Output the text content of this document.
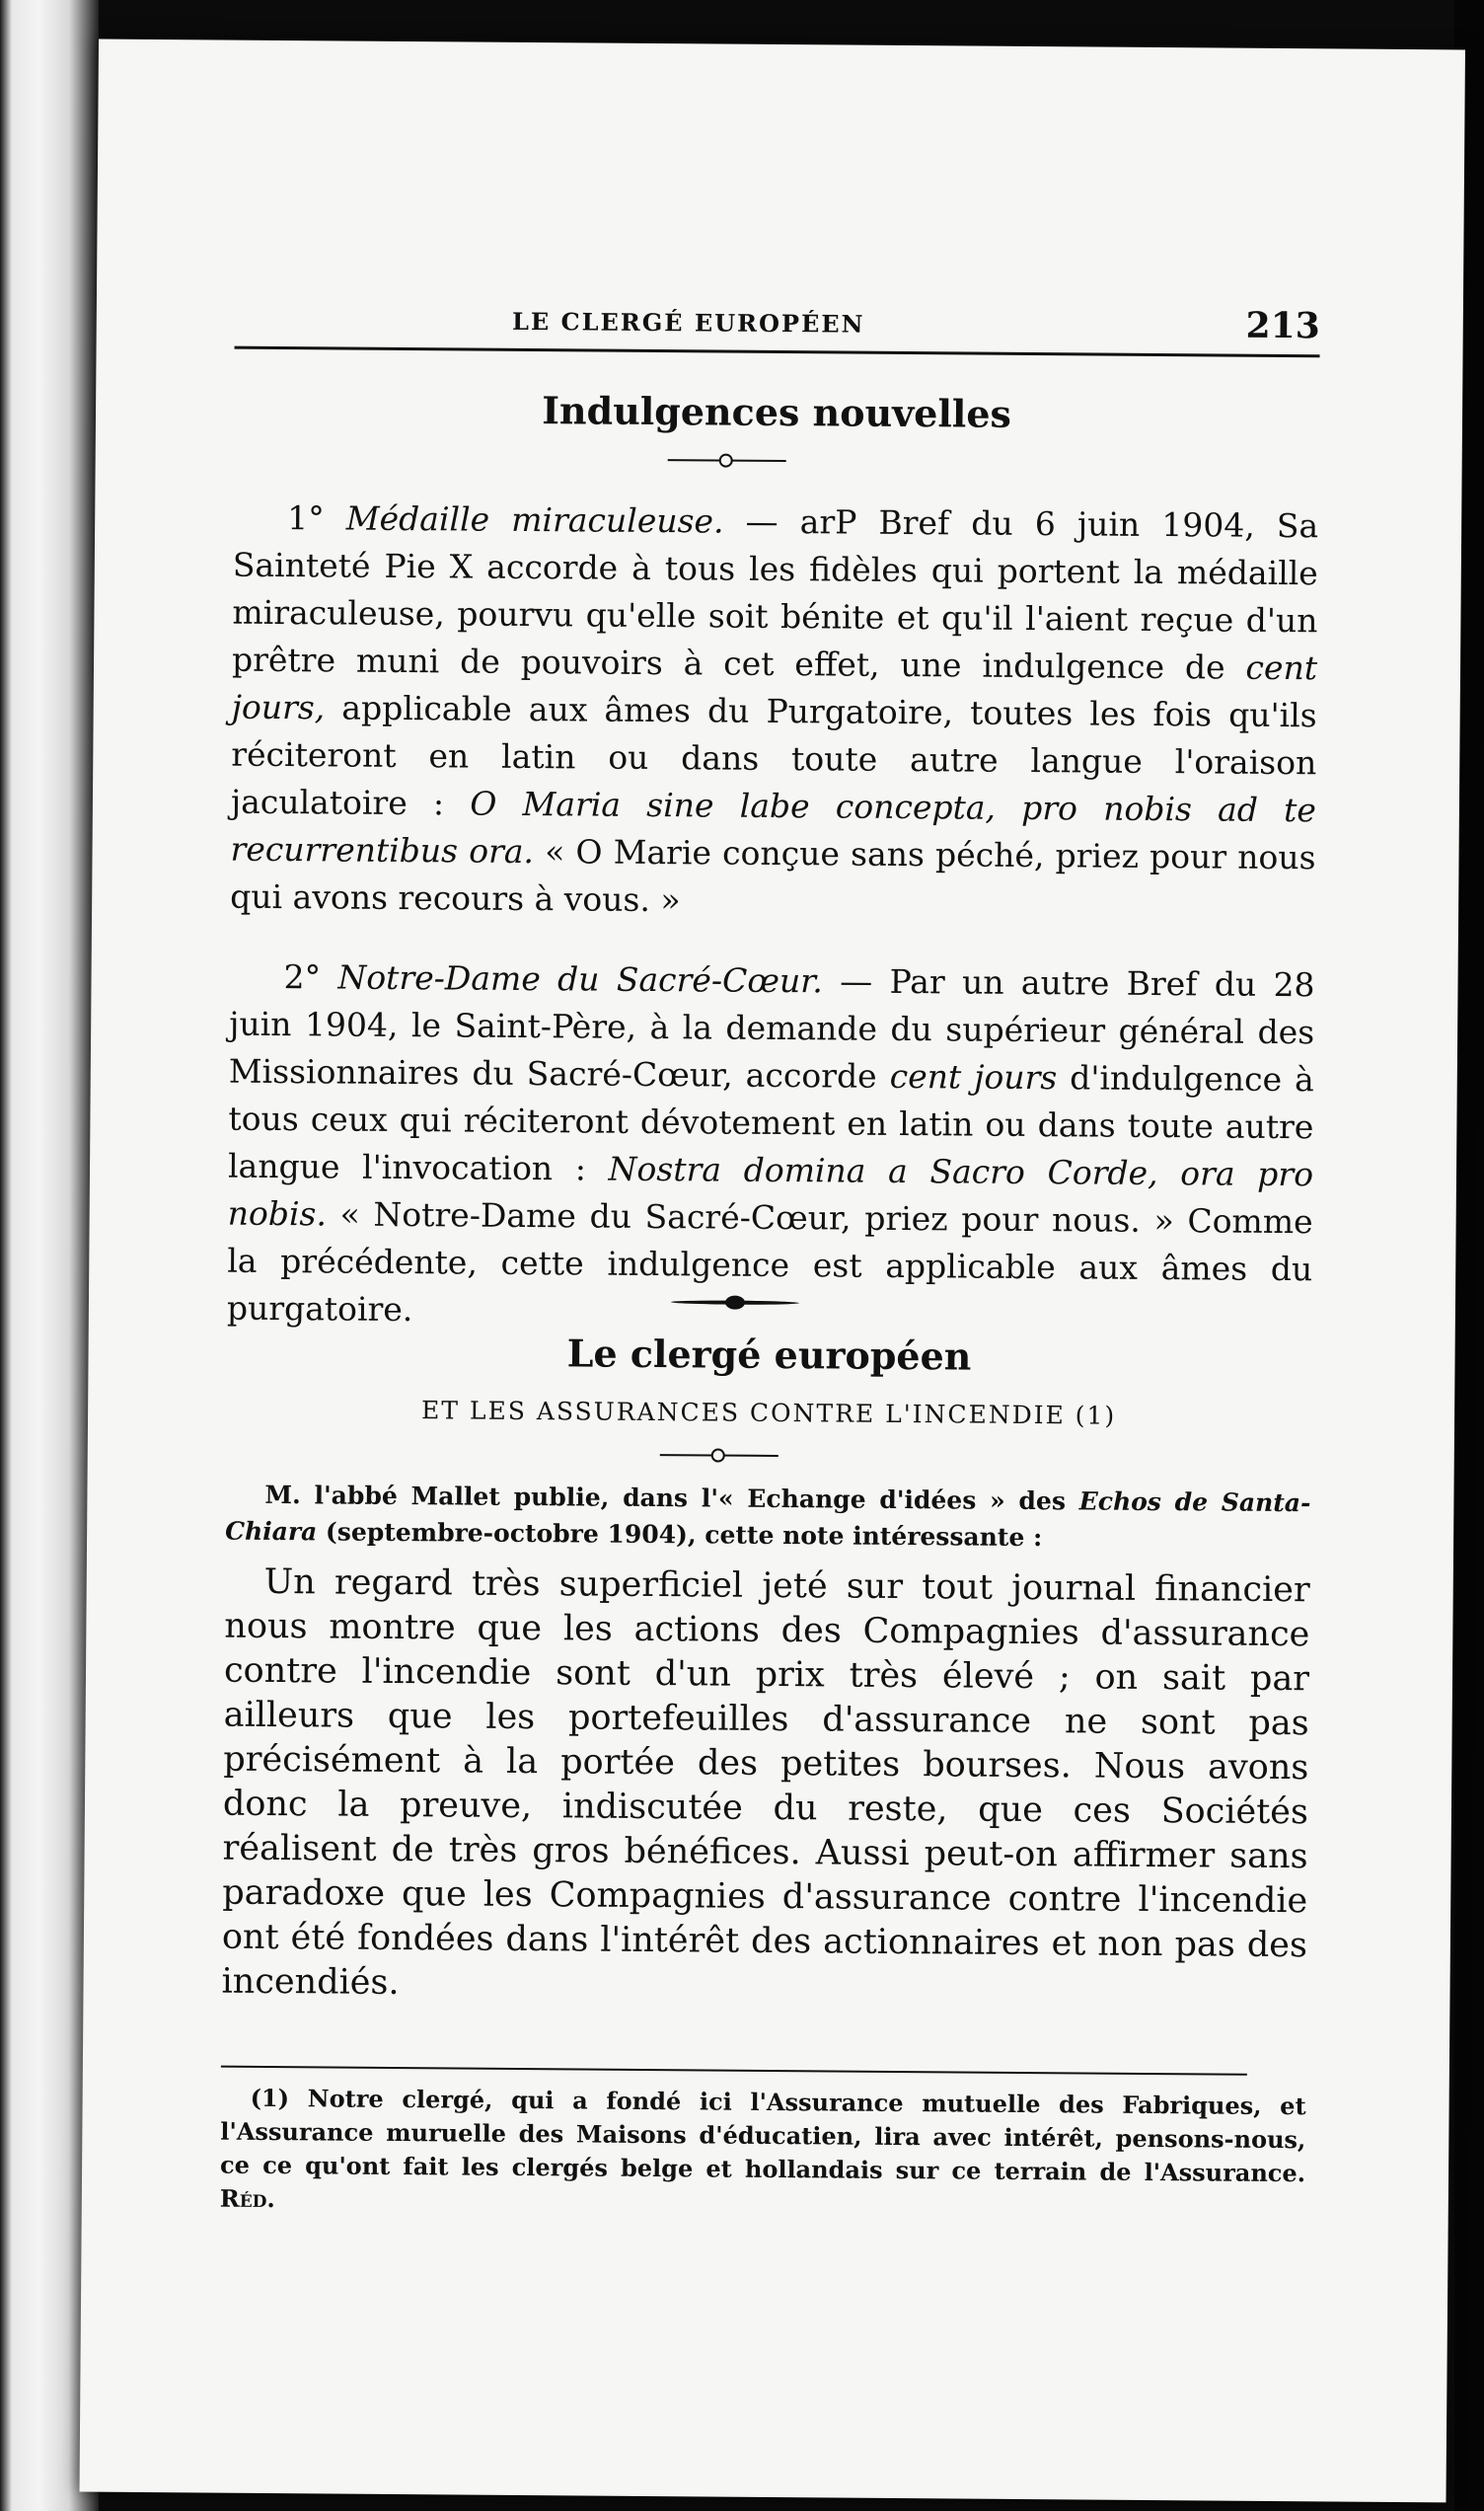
LE CLERGÉ EUROPÉEN	213
Indulgences nouvelles
1° Médaille miraculeuse. — arP Bref du 6 juin 1904, Sa Saintеté Pie X accorde à tous les fidèles qui portent la médaille miraculeuse, pourvu qu'elle soit bénite et qu'il l'aient reçue d'un prêtre muni de pouvoirs à cet effet, une indulgence de cent jours, applicable aux âmes du Purgatoire, toutes les fois qu'ils réciteront en latin ou dans toute autre langue l'oraison jaculatoire : O Maria sine labe concepta, pro nobis ad te recurrentibus ora. « O Marie conçue sans péché, priez pour nous qui avons recours à vous. »
2° Notre-Dame du Sacré-Cœur. — Par un autre Bref du 28 juin 1904, le Saint-Père, à la demande du supérieur général des Missionnaires du Sacré-Cœur, accorde cent jours d'indulgence à tous ceux qui réciteront dévotement en latin ou dans toute autre langue l'invocation : Nostra domina a Sacro Corde, ora pro nobis. « Notre-Dame du Sacré-Cœur, priez pour nous. » Comme la précédente, cette indulgence est applicable aux âmes du purgatoire.
Le clergé européen
ET LES ASSURANCES CONTRE L'INCENDIE (1)
M. l'abbé Mallet publie, dans l'« Echange d'idées » des Echos de Santa-Chiara (septembre-octobre 1904), cette note intéressante :
Un regard très superficiel jeté sur tout journal financier nous montre que les actions des Compagnies d'assurance contre l'incendie sont d'un prix très élevé ; on sait par ailleurs que les portefeuilles d'assurance ne sont pas précisément à la portée des petites bourses. Nous avons donc la preuve, indiscutée du reste, que ces Sociétés réalisent de très gros bénéfices. Aussi peut-on affirmer sans paradoxe que les Compagnies d'assurance contre l'incendie ont été fondées dans l'intérêt des actionnaires et non pas des incendiés.
(1) Notre clergé, qui a fondé ici l'Assurance mutuelle des Fabriques, et l'Assurance muruelle des Maisons d'éducatien, lira avec intérêt, pensons-nous, ce ce qu'ont fait les clergés belge et hollandais sur ce terrain de l'Assurance. Réd.
